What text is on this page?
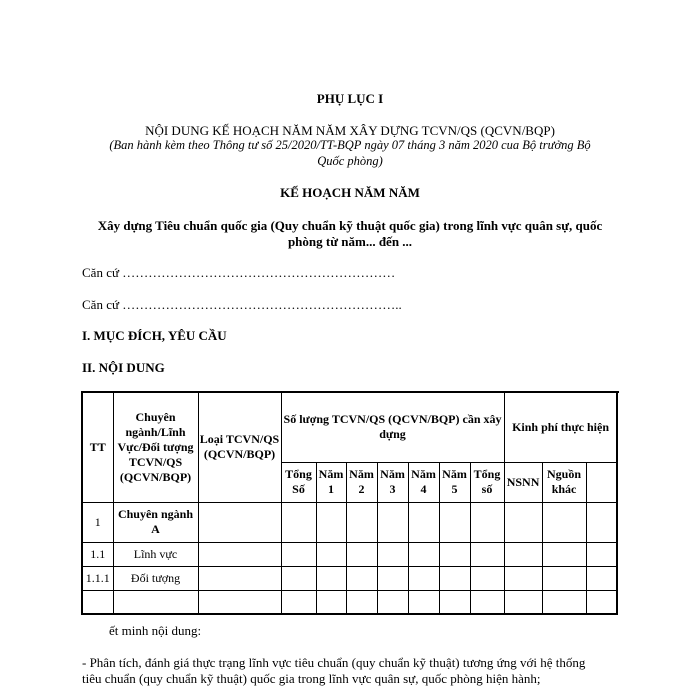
PHỤ LỤC I
NỘI DUNG KẾ HOẠCH NĂM NĂM XÂY DỰNG TCVN/QS (QCVN/BQP)
(Ban hành kèm theo Thông tư số 25/2020/TT-BQP ngày 07 tháng 3 năm 2020 cua Bộ trưởng Bộ
Quốc phòng)
KẾ HOẠCH NĂM NĂM
Xây dựng Tiêu chuẩn quốc gia (Quy chuẩn kỹ thuật quốc gia) trong lĩnh vực quân sự, quốc
phòng từ năm... đến ...
Căn cứ ………………………………………………………
Căn cứ ………………………………………………………..
I. MỤC ĐÍCH, YÊU CẦU
II. NỘI DUNG
TT	Chuyên ngành/Lĩnh Vực/Đối tượng TCVN/QS (QCVN/BQP)	Loại TCVN/QS (QCVN/BQP)	Số lượng TCVN/QS (QCVN/BQP) cần xây dựng							Kinh phí thực hiện	
			Tổng Số	Năm 1	Năm 2	Năm 3	Năm 4	Năm 5	Tổng số	NSNN	Nguồn khác		
1	Chuyên ngành A												
1.1	Lĩnh vực												
1.1.1	Đối tượng												

ết minh nội dung:
- Phân tích, đánh giá thực trạng lĩnh vực tiêu chuẩn (quy chuẩn kỹ thuật) tương ứng với hệ thống
tiêu chuẩn (quy chuẩn kỹ thuật) quốc gia trong lĩnh vực quân sự, quốc phòng hiện hành;
